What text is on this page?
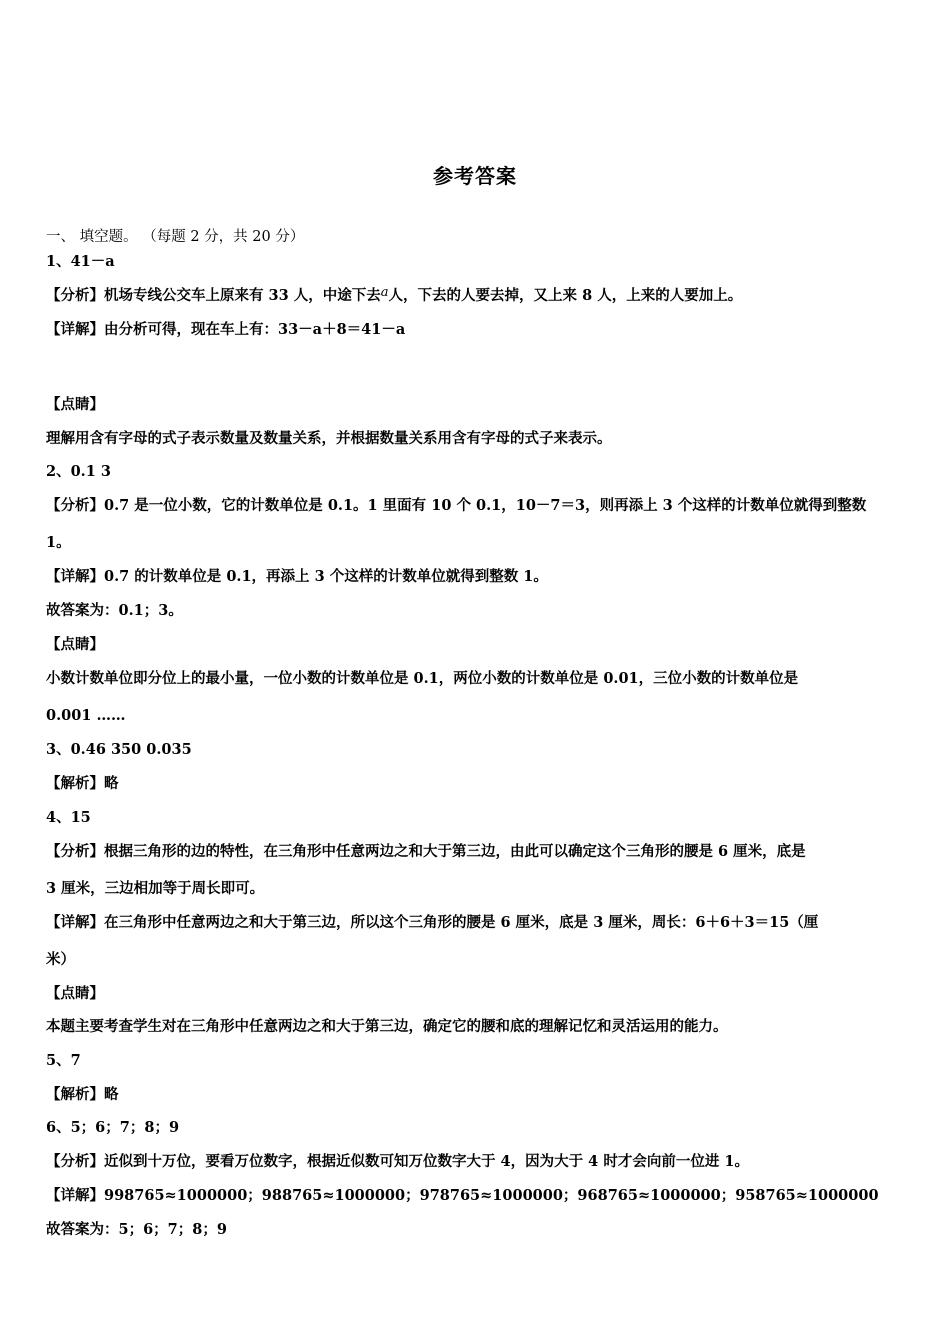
参考答案
一、 填空题。 （每题 2 分，共 20 分）
1、41－a
【分析】机场专线公交车上原来有 33 人，中途下去a人，下去的人要去掉，又上来 8 人，上来的人要加上。
【详解】由分析可得，现在车上有：33－a＋8＝41－a
【点睛】
理解用含有字母的式子表示数量及数量关系，并根据数量关系用含有字母的式子来表示。
2、0.1 3
【分析】0.7 是一位小数，它的计数单位是 0.1。1 里面有 10 个 0.1，10－7＝3，则再添上 3 个这样的计数单位就得到整数
1。
【详解】0.7 的计数单位是 0.1，再添上 3 个这样的计数单位就得到整数 1。
故答案为：0.1；3。
【点睛】
小数计数单位即分位上的最小量，一位小数的计数单位是 0.1，两位小数的计数单位是 0.01，三位小数的计数单位是
0.001 ……
3、0.46 350 0.035
【解析】略
4、15
【分析】根据三角形的边的特性，在三角形中任意两边之和大于第三边，由此可以确定这个三角形的腰是 6 厘米，底是
3 厘米，三边相加等于周长即可。
【详解】在三角形中任意两边之和大于第三边，所以这个三角形的腰是 6 厘米，底是 3 厘米，周长：6＋6＋3＝15（厘
米）
【点睛】
本题主要考查学生对在三角形中任意两边之和大于第三边，确定它的腰和底的理解记忆和灵活运用的能力。
5、7
【解析】略
6、5；6；7；8；9
【分析】近似到十万位，要看万位数字，根据近似数可知万位数字大于 4，因为大于 4 时才会向前一位进 1。
【详解】998765≈1000000；988765≈1000000；978765≈1000000；968765≈1000000；958765≈1000000
故答案为：5；6；7；8；9
